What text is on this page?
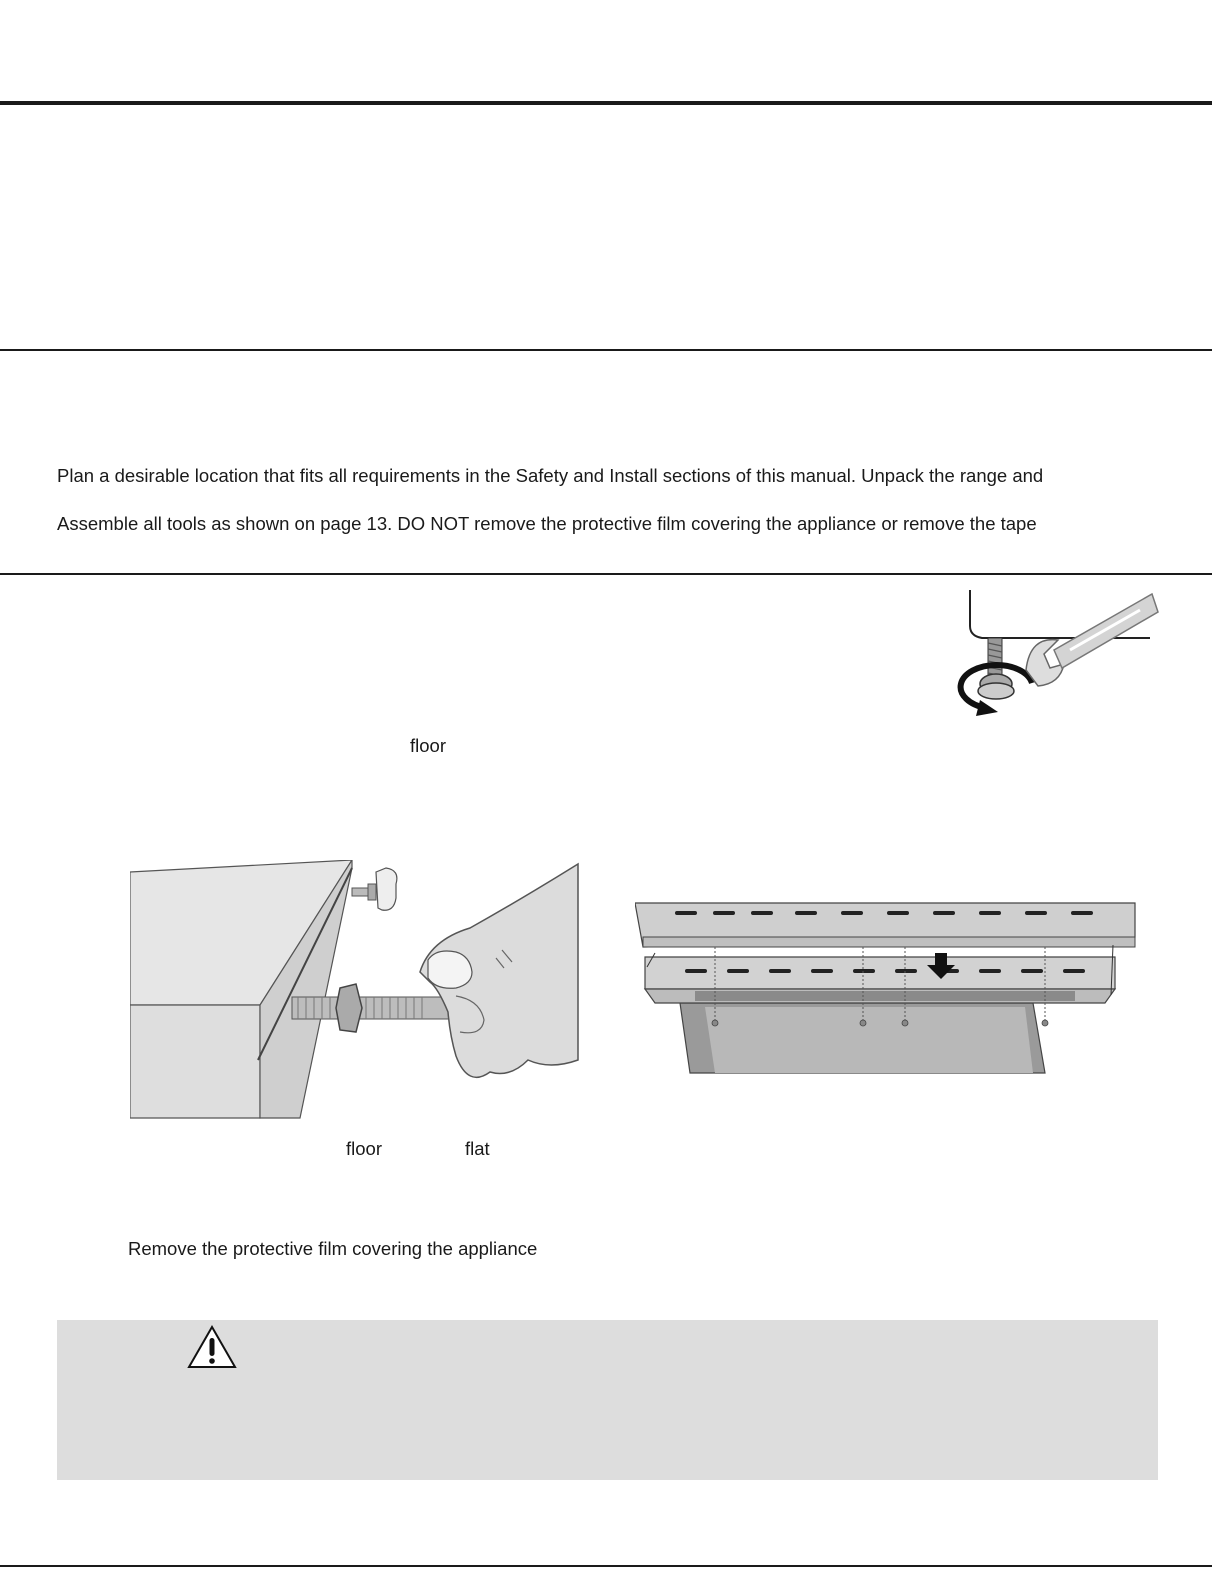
Plan a desirable location that fits all requirements in the Safety and Install sections of this manual. Unpack the range and
Assemble all tools as shown on page 13. DO NOT remove the protective film covering the appliance or remove the tape
floor
floor	flat
Remove the protective film covering the appliance
